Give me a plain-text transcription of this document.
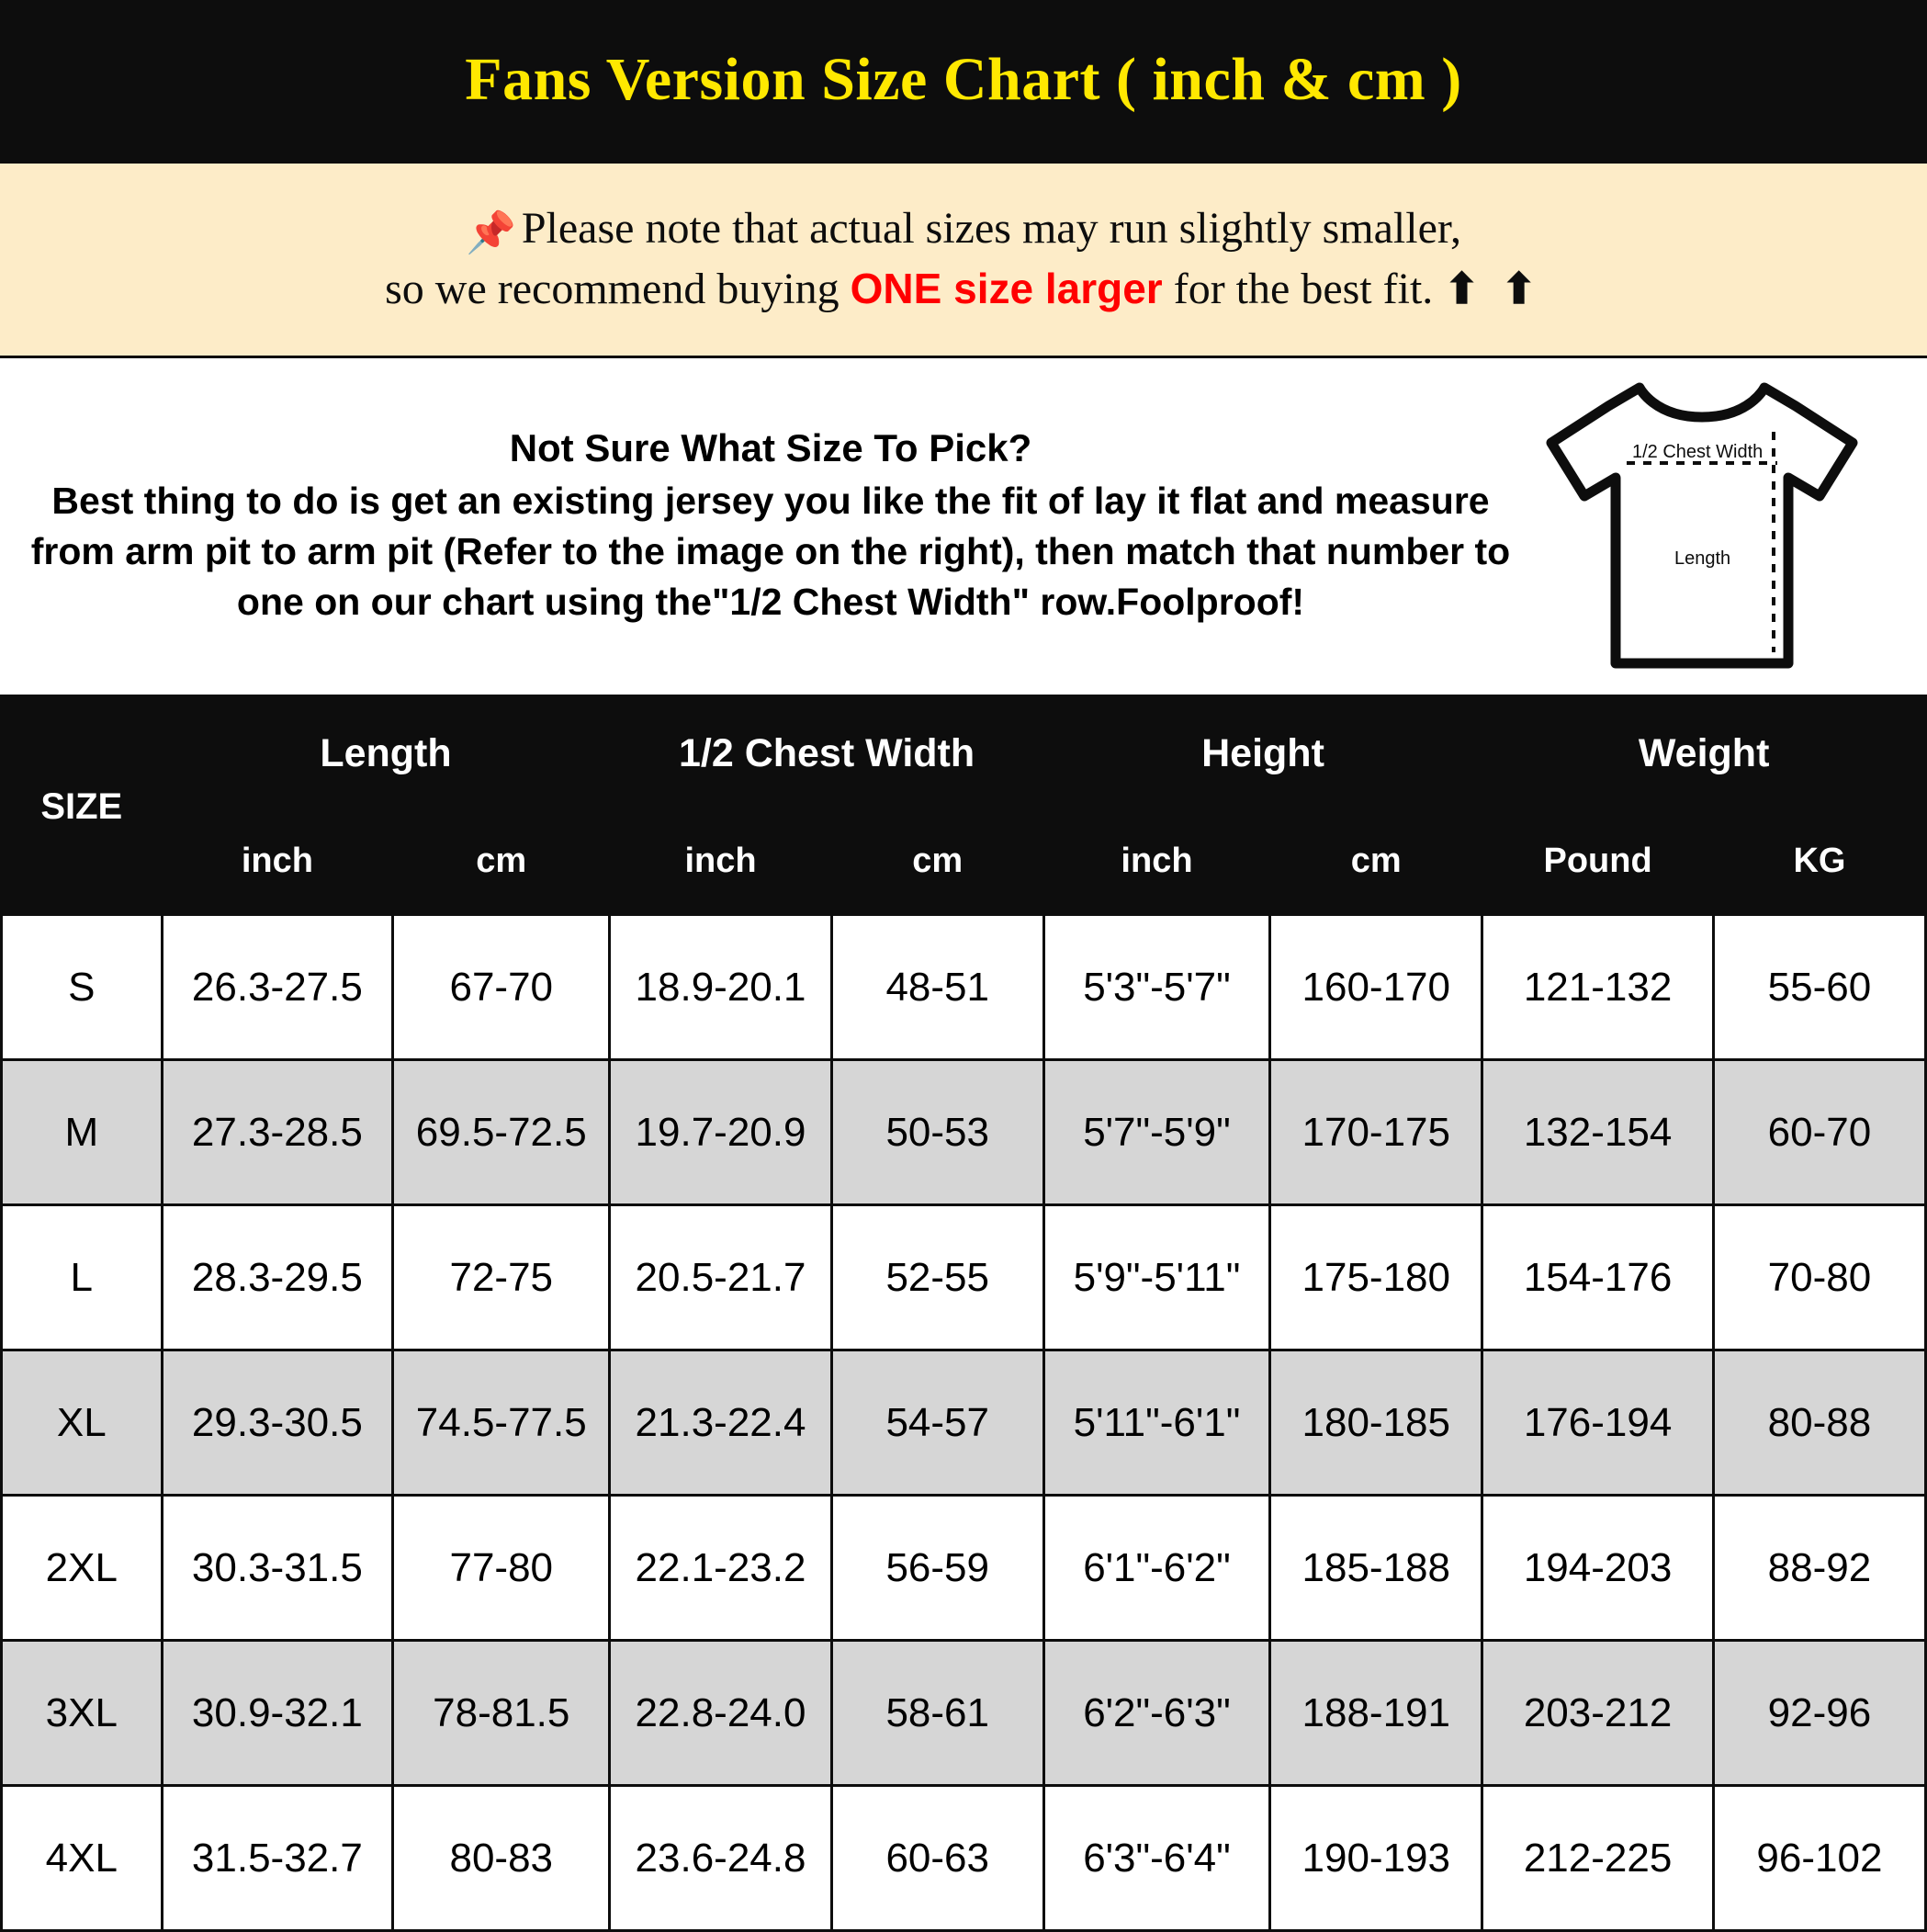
Fans Version Size Chart ( inch & cm )
📌 Please note that actual sizes may run slightly smaller,
so we recommend buying ONE size larger for the best fit. ⬆ ⬆
Not Sure What Size To Pick?
Best thing to do is get an existing jersey you like the fit of lay it flat and measure from arm pit to arm pit (Refer to the image on the right), then match that number to one on our chart using the"1/2 Chest Width" row.Foolproof!
1/2 Chest Width
Length
SIZE	Length		1/2 Chest Width		Height		Weight	
	inch	cm	inch	cm	inch	cm	Pound	KG
S	26.3-27.5	67-70	18.9-20.1	48-51	5'3"-5'7"	160-170	121-132	55-60
M	27.3-28.5	69.5-72.5	19.7-20.9	50-53	5'7"-5'9"	170-175	132-154	60-70
L	28.3-29.5	72-75	20.5-21.7	52-55	5'9"-5'11"	175-180	154-176	70-80
XL	29.3-30.5	74.5-77.5	21.3-22.4	54-57	5'11"-6'1"	180-185	176-194	80-88
2XL	30.3-31.5	77-80	22.1-23.2	56-59	6'1"-6'2"	185-188	194-203	88-92
3XL	30.9-32.1	78-81.5	22.8-24.0	58-61	6'2"-6'3"	188-191	203-212	92-96
4XL	31.5-32.7	80-83	23.6-24.8	60-63	6'3"-6'4"	190-193	212-225	96-102
